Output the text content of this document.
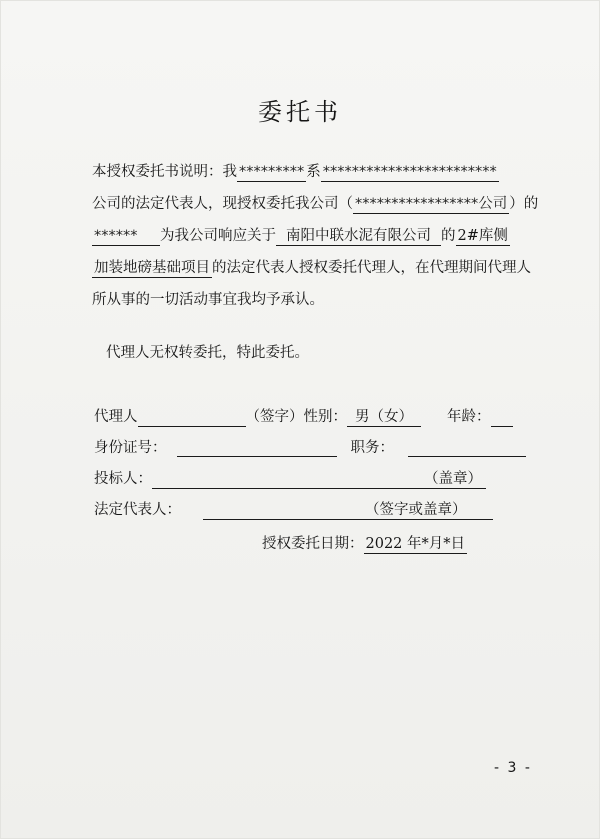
委托书
本授权委托书说明：我 ********* 系 ************************
公司的法定代表人，现授权委托我公司（ *****************公司 ）的
****** 为我公司响应关于 南阳中联水泥有限公司 的 2#库侧
加装地磅基础项目 的法定代表人授权委托代理人，在代理期间代理人
所从事的一切活动事宜我均予承认。
代理人无权转委托，特此委托。
代理人	（签字）性别： 男（女） 年龄：
身份证号：	职务：
投标人：	（盖章）
法定代表人：	（签字或盖章）
授权委托日期： 2022 年*月*日
- 3 -
